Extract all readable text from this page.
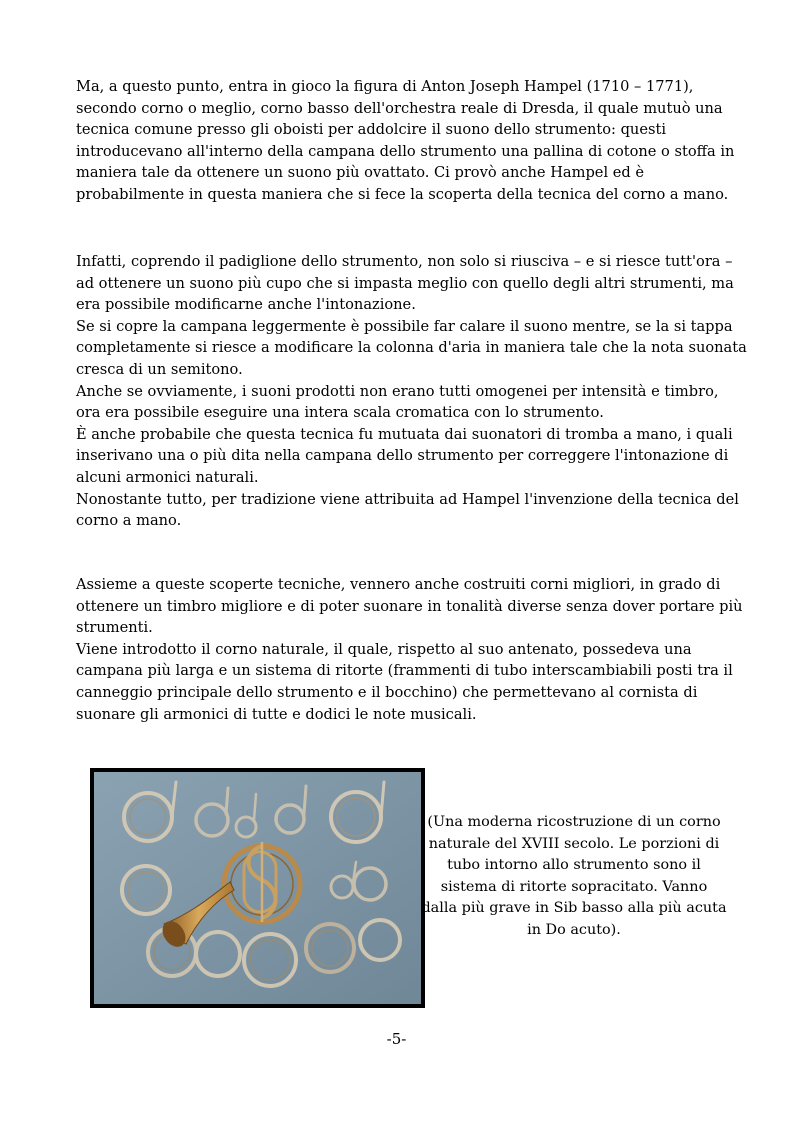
Ma, a questo punto, entra in gioco la figura di Anton Joseph Hampel (1710 – 1771),
secondo corno o meglio, corno basso dell'orchestra reale di Dresda, il quale mutuò una
tecnica comune presso gli oboisti per addolcire il suono dello strumento: questi
introducevano all'interno della campana dello strumento una pallina di cotone o stoffa in
maniera tale da ottenere un suono più ovattato. Ci provò anche Hampel ed è
probabilmente in questa maniera che si fece la scoperta della tecnica del corno a mano.

Infatti, coprendo il padiglione dello strumento, non solo si riusciva – e si riesce tutt'ora –
ad ottenere un suono più cupo che si impasta meglio con quello degli altri strumenti, ma
era possibile modificarne anche l'intonazione.
Se si copre la campana leggermente è possibile far calare il suono mentre, se la si tappa
completamente si riesce a modificare la colonna d'aria in maniera tale che la nota suonata
cresca di un semitono.
Anche se ovviamente, i suoni prodotti non erano tutti omogenei per intensità e timbro,
ora era possibile eseguire una intera scala cromatica con lo strumento.
È anche probabile che questa tecnica fu mutuata dai suonatori di tromba a mano, i quali
inserivano una o più dita nella campana dello strumento per correggere l'intonazione di
alcuni armonici naturali.
Nonostante tutto, per tradizione viene attribuita ad Hampel l'invenzione della tecnica del
corno a mano.

Assieme a queste scoperte tecniche, vennero anche costruiti corni migliori, in grado di
ottenere un timbro migliore e di poter suonare in tonalità diverse senza dover portare più
strumenti.
Viene introdotto il corno naturale, il quale, rispetto al suo antenato, possedeva una
campana più larga e un sistema di ritorte (frammenti di tubo interscambiabili posti tra il
canneggio principale dello strumento e il bocchino) che permettevano al cornista di
suonare gli armonici di tutte e dodici le note musicali.

(Una moderna ricostruzione di un corno
naturale del XVIII secolo. Le porzioni di
tubo intorno allo strumento sono il
sistema di ritorte sopracitato. Vanno
dalla più grave in Sib basso alla più acuta
in Do acuto).
-5-
